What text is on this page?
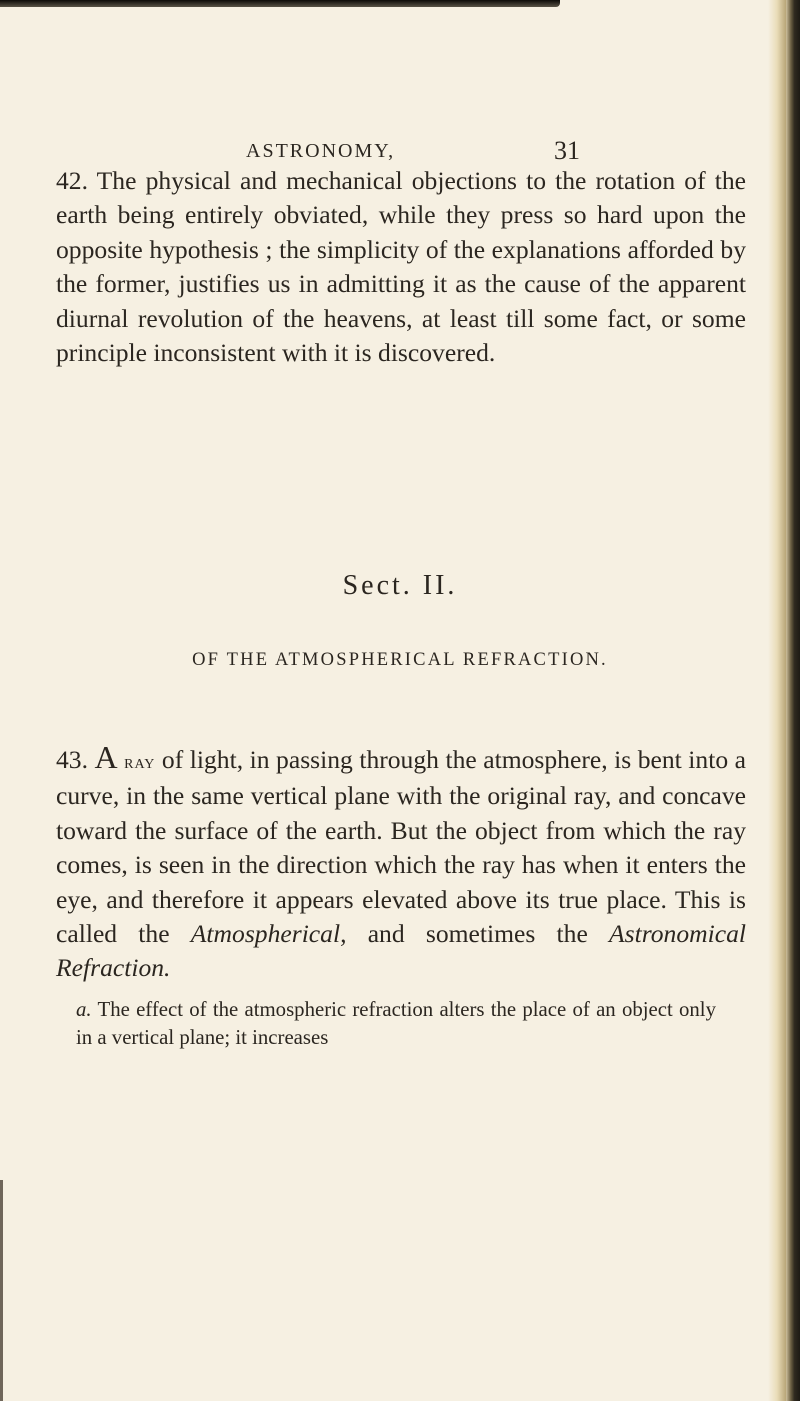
ASTRONOMY,	31

42. The physical and mechanical objections to the rotation of the earth being entirely obviated, while they press so hard upon the opposite hypothesis ; the simplicity of the explanations afforded by the former, justifies us in admitting it as the cause of the apparent diurnal revolution of the heavens, at least till some fact, or some principle inconsistent with it is discovered.

Sect. II.
OF THE ATMOSPHERICAL REFRACTION.

43. A ray of light, in passing through the atmosphere, is bent into a curve, in the same vertical plane with the original ray, and concave toward the surface of the earth. But the object from which the ray comes, is seen in the direction which the ray has when it enters the eye, and therefore it appears elevated above its true place. This is called the Atmospherical, and sometimes the Astronomical Refraction.

a. The effect of the atmospheric refraction alters the place of an object only in a vertical plane; it increases
